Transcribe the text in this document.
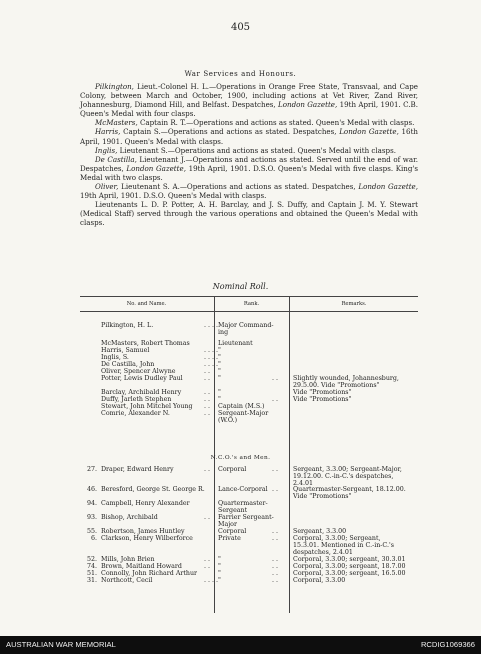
405
War Services and Honours.

Pilkington, Lieut.-Colonel H. L.—Operations in Orange Free State, Transvaal, and Cape Colony, between March and October, 1900, including actions at Vet River, Zand River, Johannesburg, Diamond Hill, and Belfast. Despatches, London Gazette, 19th April, 1901. C.B. Queen's Medal with four clasps.

McMasters, Captain R. T.—Operations and actions as stated. Queen's Medal with clasps.

Harris, Captain S.—Operations and actions as stated. Despatches, London Gazette, 16th April, 1901. Queen's Medal with clasps.

Inglis, Lieutenant S.—Operations and actions as stated. Queen's Medal with clasps.

De Castilla, Lieutenant J.—Operations and actions as stated. Served until the end of war. Despatches, London Gazette, 19th April, 1901. D.S.O. Queen's Medal with five clasps. King's Medal with two clasps.

Oliver, Lieutenant S. A.—Operations and actions as stated. Despatches, London Gazette, 19th April, 1901. D.S.O. Queen's Medal with clasps.

Lieutenants L. D. P. Potter, A. H. Barclay, and J. S. Duffy, and Captain J. M. Y. Stewart (Medical Staff) served through the various operations and obtained the Queen's Medal with clasps.

Nominal Roll.
No. and Name.	Rank.	Remarks.
Pilkington, H. L.	. . . . Major Command-
ing
McMasters, Robert Thomas	Lieutenant
Harris, Samuel	. . . . "
Inglis, S.	. . . . "
De Castilla, John	. . . . "
Oliver, Spencer Alwyne	. .	"
Potter, Lewis Dudley Paul	. .	"	. .	Slightly wounded, Johannesburg,
29.5.00. Vide "Promotions"
Barclay, Archibald Henry	. .	"	Vide "Promotions"
Duffy, Jarleth Stephen	. .	"	. .	Vide "Promotions"
Stewart, John Mitchel Young	. .	Captain (M.S.)
Comrie, Alexander N.	. .	Sergeant-Major
(W.O.)
27. Draper, Edward Henry	. .	Corporal	. .	Sergeant, 3.3.00; Sergeant-Major,
19.12.00. C.-in-C.'s despatches,
2.4.01
46. Beresford, George St. George R.	Lance-Corporal . .	Quartermaster-Sergeant, 18.12.00.
Vide "Promotions"
94. Campbell, Henry Alexander	Quartermaster-
Sergeant
93. Bishop, Archibald	. .	Farrier Sergeant-
Major
55. Robertson, James Huntley	Corporal	. .	Sergeant, 3.3.00
6. Clarkson, Henry Wilberforce	Private	. .	Corporal, 3.3.00; Sergeant,
15.3.01. Mentioned in C.-in-C.'s
despatches, 2.4.01
52. Mills, John Brien	. .	"	. .	Corporal, 3.3.00; sergeant, 30.3.01
74. Brown, Maitland Howard	. .	"	. .	Corporal, 3.3.00; sergeant, 18.7.00
51. Connolly, John Richard Arthur	"	. .	Corporal, 3.3.00; sergeant, 16.5.00
31. Northcott, Cecil	. . . . "	. .	Corporal, 3.3.00
N.C.O.'s and Men.
AUSTRALIAN WAR MEMORIAL	RCDIG1069366
